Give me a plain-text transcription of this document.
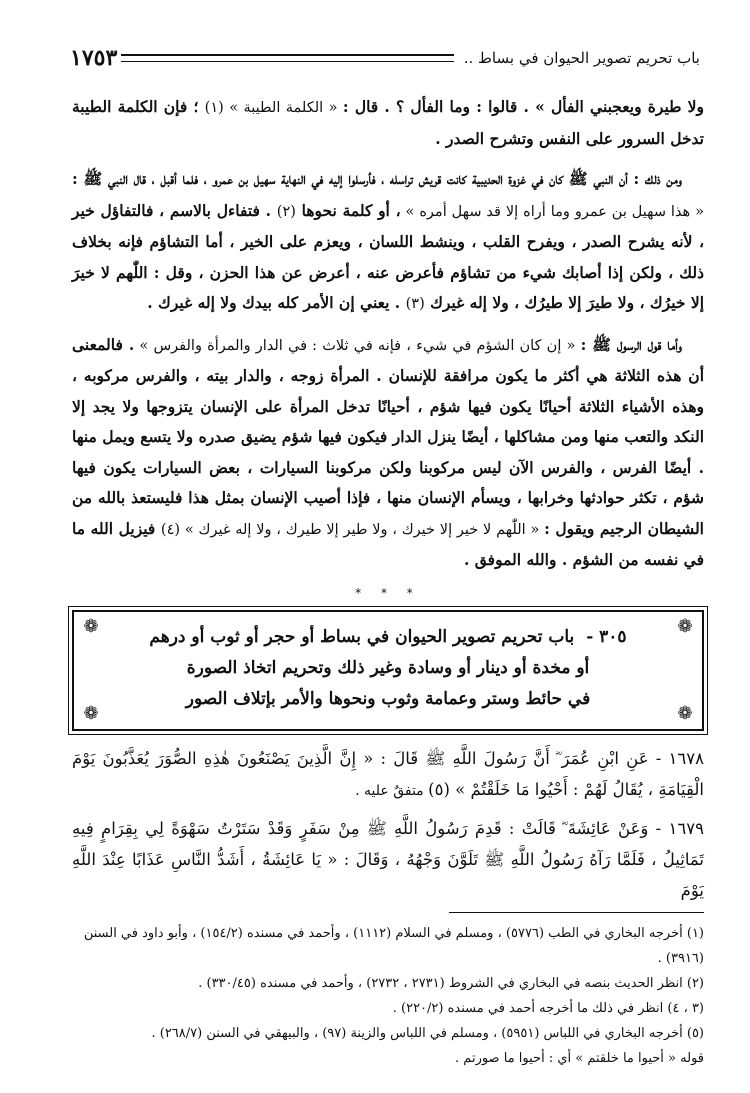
باب تحريم تصوير الحيوان في بساط ..
١٧٥٣

ولا طيرة ويعجبني الفأل » . قالوا : وما الفأل ؟ . قال : « الكلمة الطيبة » (١) ؛ فإن الكلمة الطيبة تدخل السرور على النفس وتشرح الصدر .

ومن ذلك : أن النبي ﷺ كان في غزوة الحديبية كانت قريش تراسله ، فأرسلوا إليه في النهاية سهيل بن عمرو ، فلما أقبل ، قال النبي ﷺ : « هذا سهيل بن عمرو وما أراه إلا قد سهل أمره » ، أو كلمة نحوها (٢) . فتفاءل بالاسم ، فالتفاؤل خير ، لأنه يشرح الصدر ، ويفرح القلب ، وينشط اللسان ، ويعزم على الخير ، أما التشاؤم فإنه بخلاف ذلك ، ولكن إذا أصابك شيء من تشاؤم فأعرض عنه ، أعرض عن هذا الحزن ، وقل : اللّٰهم لا خيرَ إلا خيرُك ، ولا طيرَ إلا طيرُك ، ولا إله غيرك (٣) . يعني إن الأمر كله بيدك ولا إله غيرك .

وأما قول الرسول ﷺ : « إن كان الشؤم في شيء ، فإنه في ثلاث : في الدار والمرأة والفرس » . فالمعنى أن هذه الثلاثة هي أكثر ما يكون مرافقة للإنسان . المرأة زوجه ، والدار بيته ، والفرس مركوبه ، وهذه الأشياء الثلاثة أحيانًا يكون فيها شؤم ، أحيانًا تدخل المرأة على الإنسان يتزوجها ولا يجد إلا النكد والتعب منها ومن مشاكلها ، أيضًا ينزل الدار فيكون فيها شؤم يضيق صدره ولا يتسع ويمل منها . أيضًا الفرس ، والفرس الآن ليس مركوبنا ولكن مركوبنا السيارات ، بعض السيارات يكون فيها شؤم ، تكثر حوادثها وخرابها ، ويسأم الإنسان منها ، فإذا أصيب الإنسان بمثل هذا فليستعذ بالله من الشيطان الرجيم ويقول : « اللّٰهم لا خير إلا خيرك ، ولا طير إلا طيرك ، ولا إله غيرك » (٤) فيزيل الله ما في نفسه من الشؤم . والله الموفق .

* * *
❁	❁
❁	❁
٣٠٥ - باب تحريم تصوير الحيوان في بساط أو حجر أو ثوب أو درهم
أو مخدة أو دينار أو وسادة وغير ذلك وتحريم اتخاذ الصورة
في حائط وستر وعمامة وثوب ونحوها والأمر بإتلاف الصور

١٦٧٨ - عَنِ ابْنِ عُمَرَ ؓ أَنَّ رَسُولَ اللَّهِ ﷺ قَالَ : « إِنَّ الَّذِينَ يَصْنَعُونَ هٰذِهِ الصُّوَرَ يُعَذَّبُونَ يَوْمَ الْقِيَامَةِ ، يُقَالُ لَهُمْ : أَحْيُوا مَا خَلَقْتُمْ » (٥) متفقٌ عليه .

١٦٧٩ - وَعَنْ عَائِشَةَ ؓ قَالَتْ : قَدِمَ رَسُولُ اللَّهِ ﷺ مِنْ سَفَرٍ وَقَدْ سَتَرْتُ سَهْوَةً لِي بِقِرَامٍ فِيهِ تَمَاثِيلُ ، فَلَمَّا رَآهُ رَسُولُ اللَّهِ ﷺ تَلَوَّنَ وَجْهُهُ ، وَقَالَ : « يَا عَائِشَةُ ، أَشَدُّ النَّاسِ عَذَابًا عِنْدَ اللَّهِ يَوْمَ

(١) أخرجه البخاري في الطب (٥٧٧٦) ، ومسلم في السلام (١١١٢) ، وأحمد في مسنده (١٥٤/٢) ، وأبو داود في السنن (٣٩١٦) .

(٢) انظر الحديث بنصه في البخاري في الشروط (٢٧٣١ ، ٢٧٣٢) ، وأحمد في مسنده (٣٣٠/٤٥) .

(٣ ، ٤) انظر في ذلك ما أخرجه أحمد في مسنده (٢٢٠/٢) .

(٥) أخرجه البخاري في اللباس (٥٩٥١) ، ومسلم في اللباس والزينة (٩٧) ، والبيهقي في السنن (٢٦٨/٧) .

قوله « أحيوا ما خلقتم » أي : أحيوا ما صورتم .
